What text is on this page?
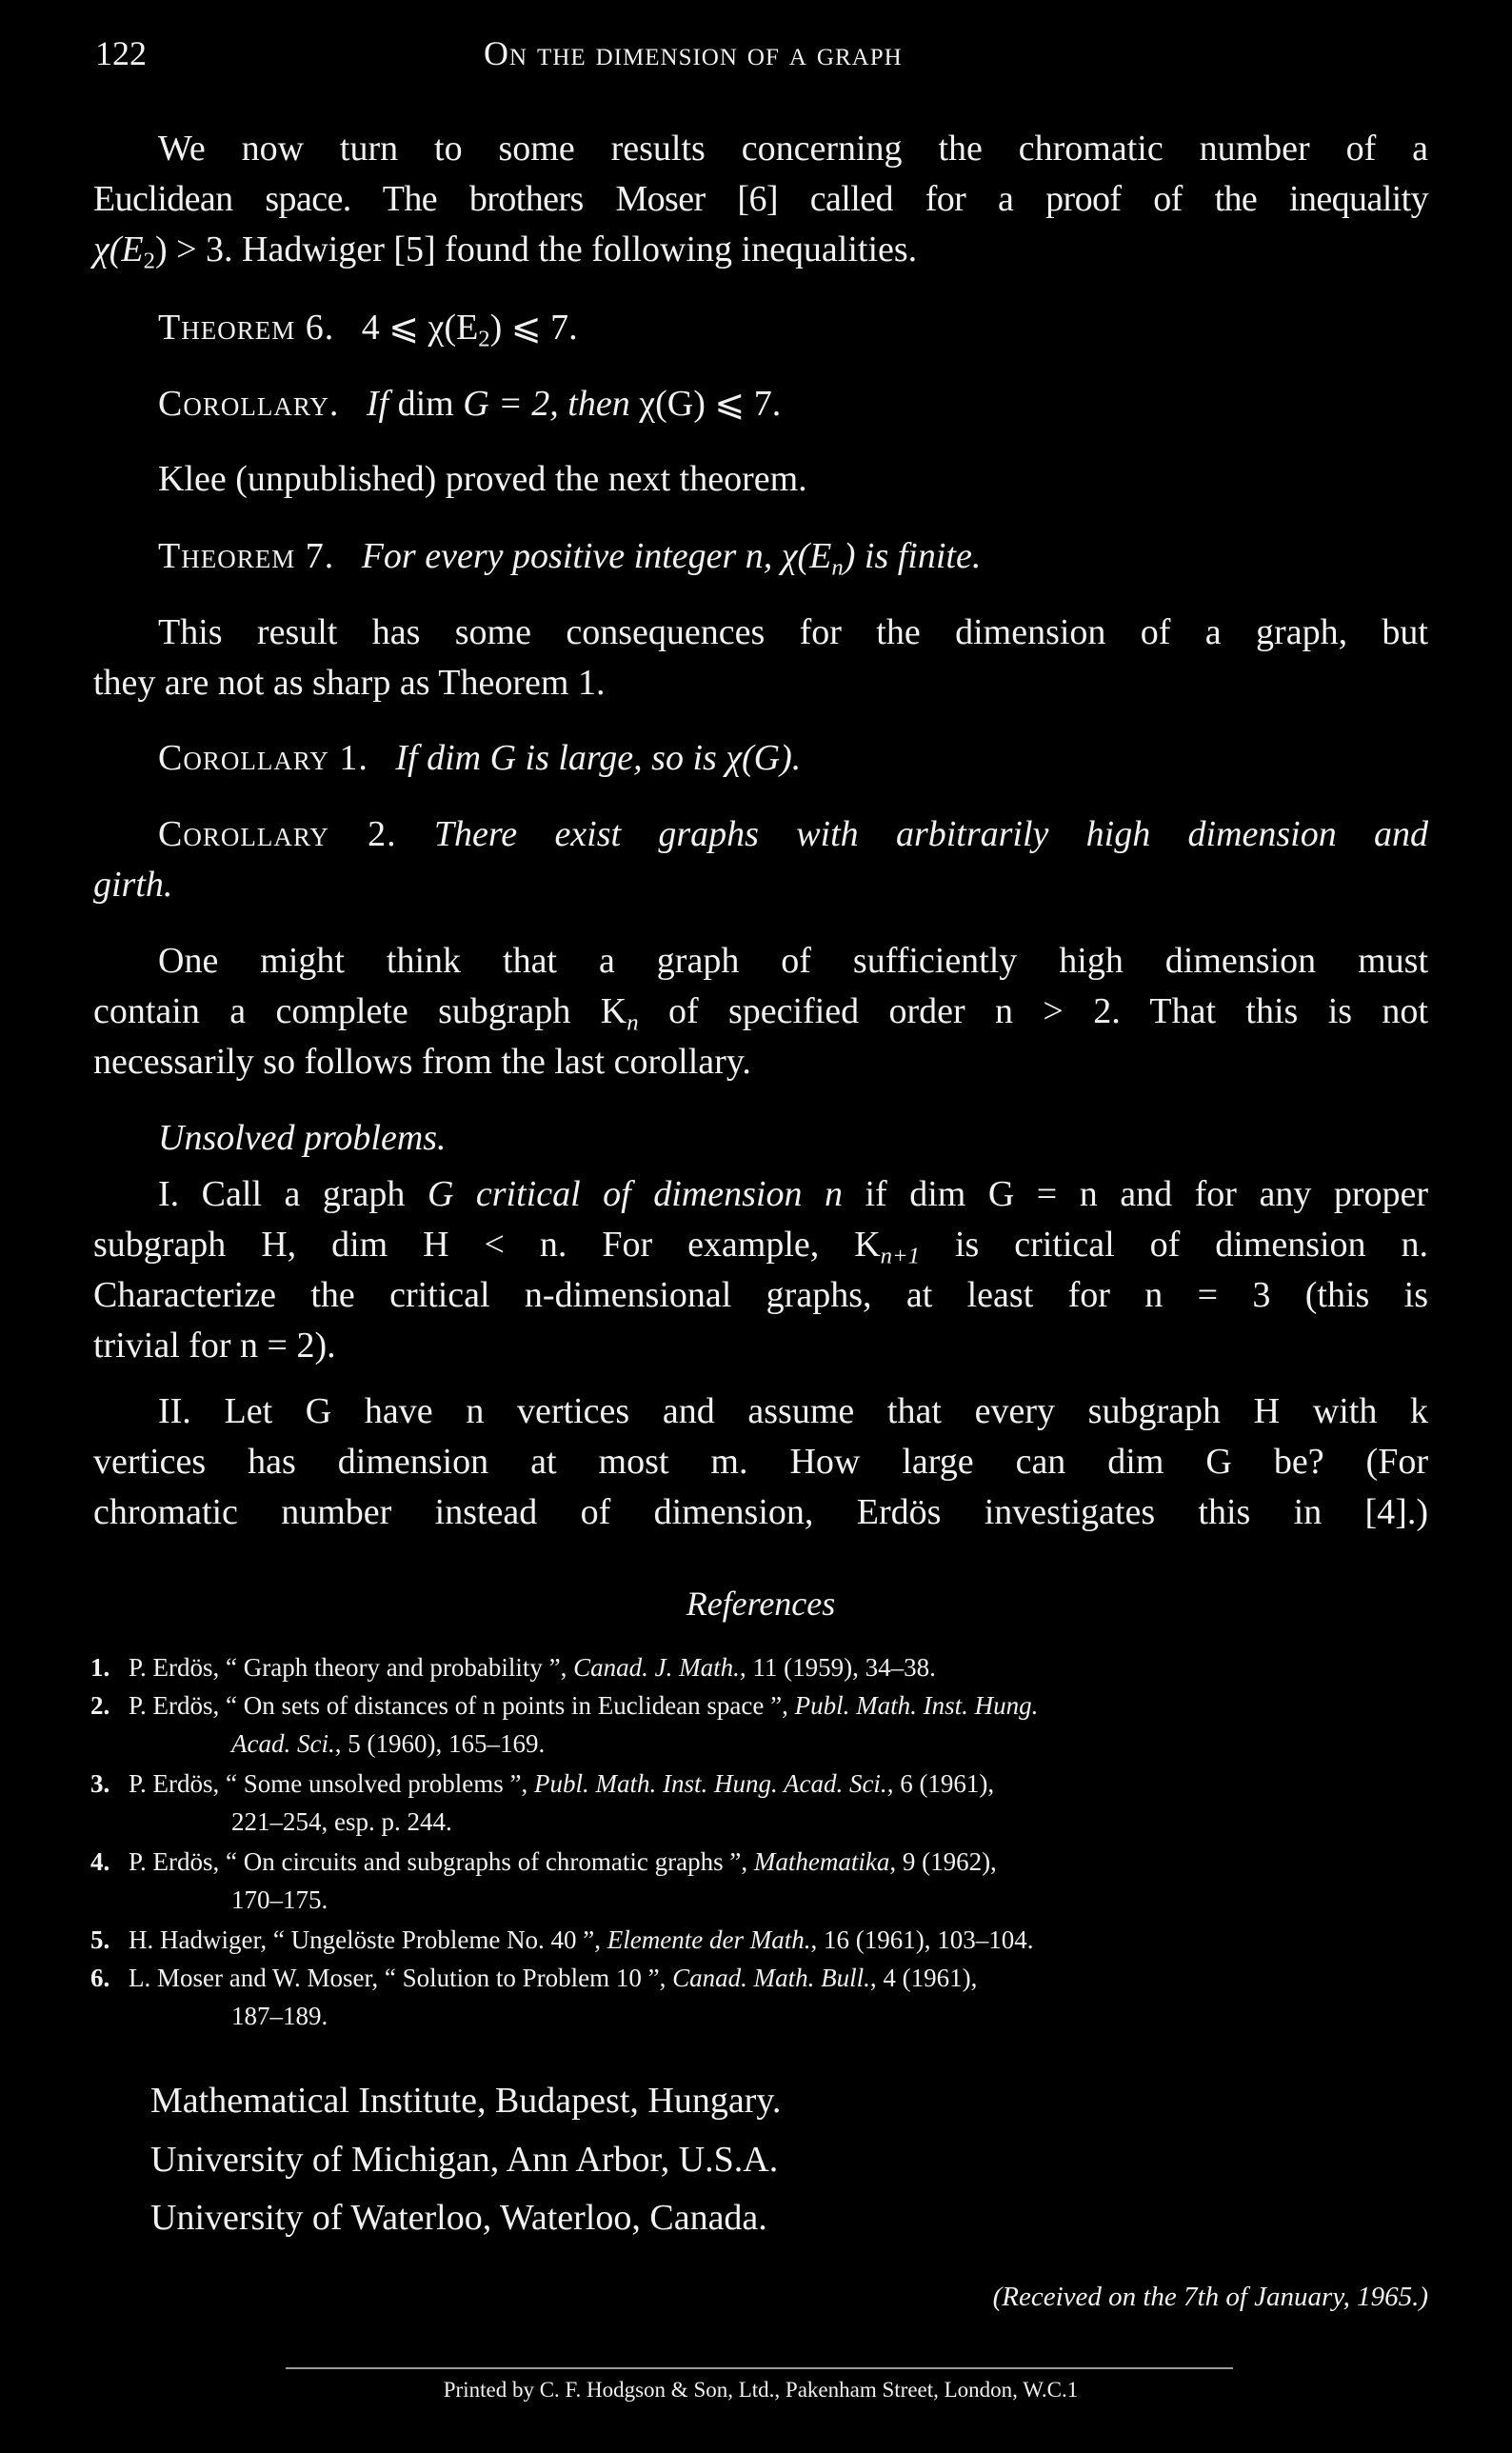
122	On the dimension of a graph
We now turn to some results concerning the chromatic number of a
Euclidean space. The brothers Moser [6] called for a proof of the inequality
$\chi(E_2) > 3$. Hadwiger [5] found the following inequalities.
Theorem 6. 4 ⩽ $\chi(E_2)$ ⩽ 7.
Corollary. If dim G = 2, then χ(G) ⩽ 7.
Klee (unpublished) proved the next theorem.
Theorem 7. For every positive integer n, $\chi(E_n)$ is finite.
This result has some consequences for the dimension of a graph, but
they are not as sharp as Theorem 1.
Corollary 1. If dim G is large, so is χ(G).
Corollary 2. There exist graphs with arbitrarily high dimension and
girth.
One might think that a graph of sufficiently high dimension must
contain a complete subgraph $K_n$ of specified order n > 2. That this is not
necessarily so follows from the last corollary.
Unsolved problems.
I. Call a graph G critical of dimension n if dim G = n and for any proper
subgraph H, dim H < n. For example, $K_{n+1}$ is critical of dimension n.
Characterize the critical n-dimensional graphs, at least for n = 3 (this is
trivial for n = 2).
II. Let G have n vertices and assume that every subgraph H with k
vertices has dimension at most m. How large can dim G be? (For
chromatic number instead of dimension, Erdös investigates this in [4].)
References
1. P. Erdös, “ Graph theory and probability ”, Canad. J. Math., 11 (1959), 34–38.
2. P. Erdös, “ On sets of distances of n points in Euclidean space ”, Publ. Math. Inst. Hung.
Acad. Sci., 5 (1960), 165–169.
3. P. Erdös, “ Some unsolved problems ”, Publ. Math. Inst. Hung. Acad. Sci., 6 (1961),
221–254, esp. p. 244.
4. P. Erdös, “ On circuits and subgraphs of chromatic graphs ”, Mathematika, 9 (1962),
170–175.
5. H. Hadwiger, “ Ungelöste Probleme No. 40 ”, Elemente der Math., 16 (1961), 103–104.
6. L. Moser and W. Moser, “ Solution to Problem 10 ”, Canad. Math. Bull., 4 (1961),
187–189.
Mathematical Institute, Budapest, Hungary.
University of Michigan, Ann Arbor, U.S.A.
University of Waterloo, Waterloo, Canada.
(Received on the 7th of January, 1965.)
Printed by C. F. Hodgson & Son, Ltd., Pakenham Street, London, W.C.1
